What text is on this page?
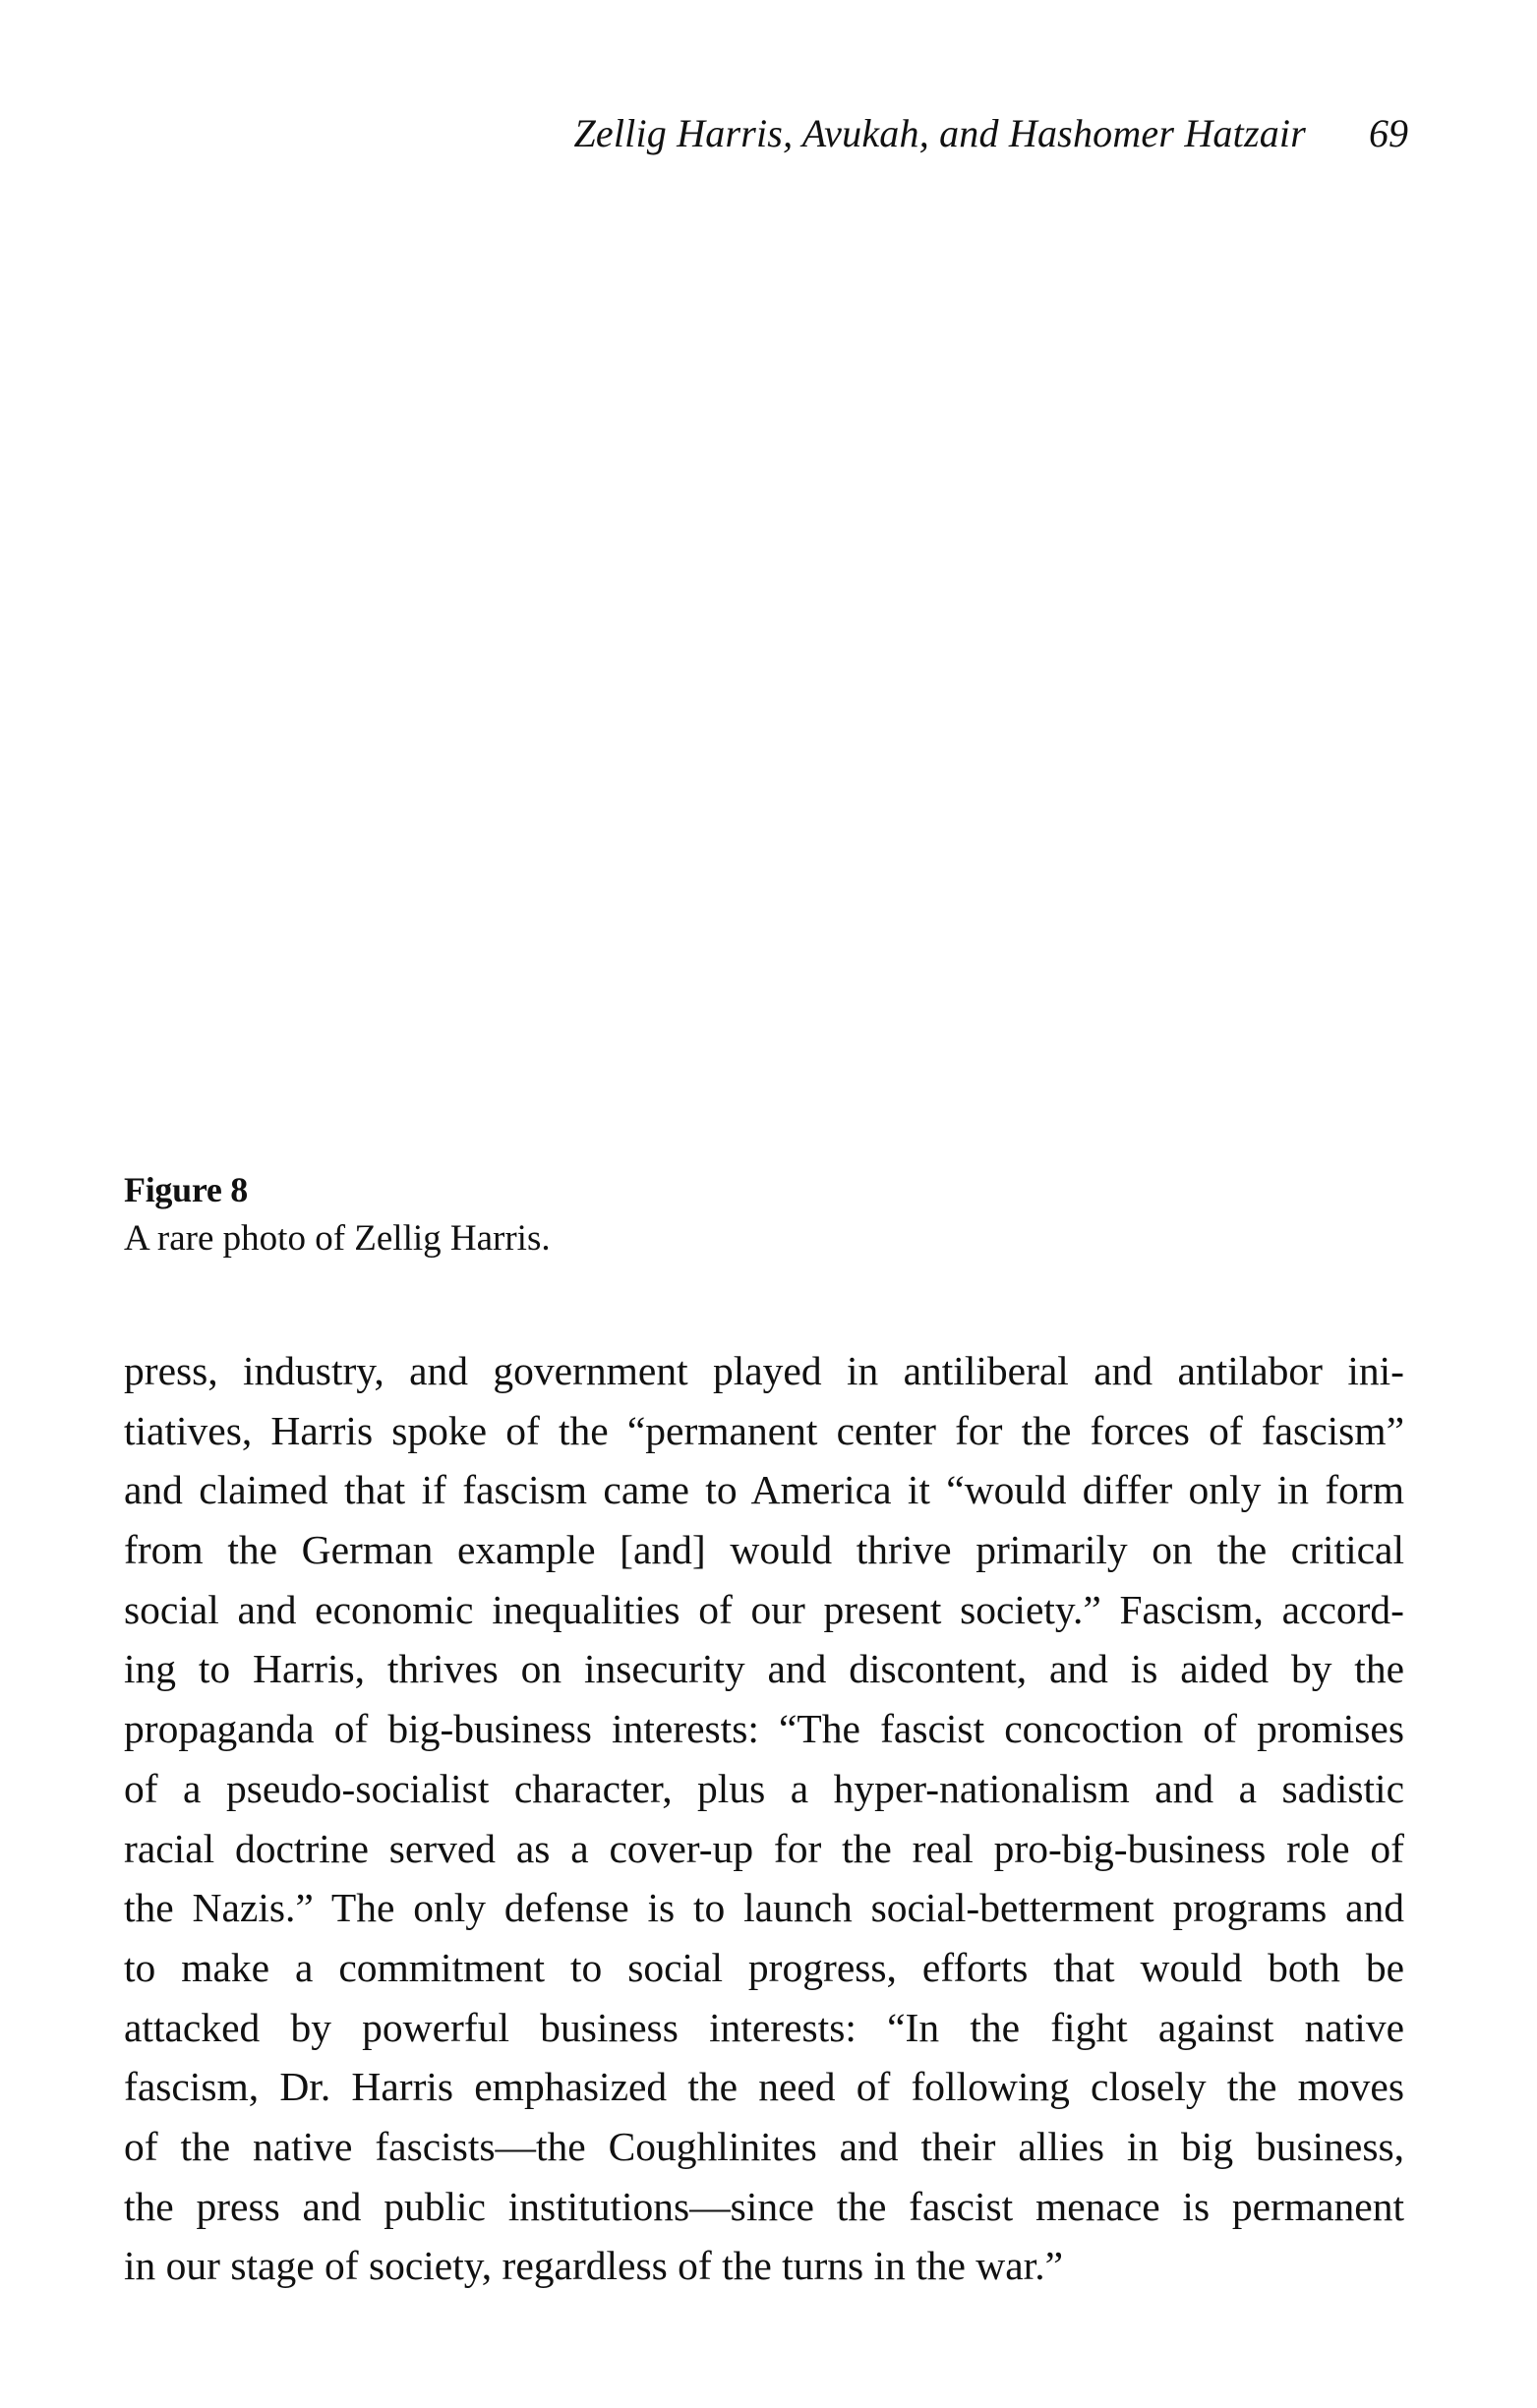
Zellig Harris, Avukah, and Hashomer Hatzair 69
Figure 8
A rare photo of Zellig Harris.
press, industry, and government played in antiliberal and antilabor ini-
tiatives, Harris spoke of the “permanent center for the forces of fascism”
and claimed that if fascism came to America it “would differ only in form
from the German example [and] would thrive primarily on the critical
social and economic inequalities of our present society.” Fascism, accord-
ing to Harris, thrives on insecurity and discontent, and is aided by the
propaganda of big-business interests: “The fascist concoction of promises
of a pseudo-socialist character, plus a hyper-nationalism and a sadistic
racial doctrine served as a cover-up for the real pro-big-business role of
the Nazis.” The only defense is to launch social-betterment programs and
to make a commitment to social progress, efforts that would both be
attacked by powerful business interests: “In the fight against native
fascism, Dr. Harris emphasized the need of following closely the moves
of the native fascists—the Coughlinites and their allies in big business,
the press and public institutions—since the fascist menace is permanent
in our stage of society, regardless of the turns in the war.”
